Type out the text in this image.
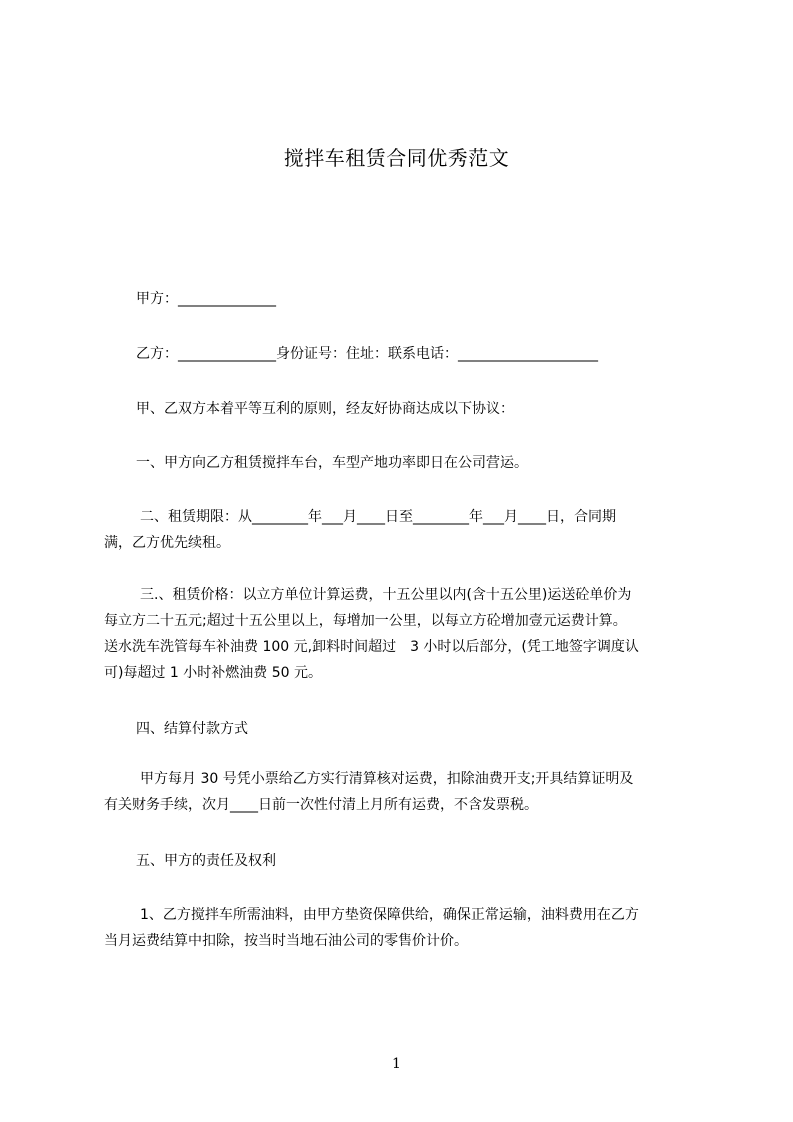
搅拌车租赁合同优秀范文
甲方：______________
乙方：______________身份证号：住址：联系电话：____________________
甲、乙双方本着平等互利的原则，经友好协商达成以下协议：
一、甲方向乙方租赁搅拌车台，车型产地功率即日在公司营运。
二、租赁期限：从________年___月____日至________年___月____日，合同期
满，乙方优先续租。
三.、租赁价格：以立方单位计算运费，十五公里以内(含十五公里)运送砼单价为
每立方二十五元;超过十五公里以上，每增加一公里，以每立方砼增加壹元运费计算。
送水洗车洗管每车补油费 100 元,卸料时间超过　3 小时以后部分，(凭工地签字调度认
可)每超过 1 小时补燃油费 50 元。
四、结算付款方式
甲方每月 30 号凭小票给乙方实行清算核对运费，扣除油费开支;开具结算证明及
有关财务手续，次月____日前一次性付清上月所有运费，不含发票税。
五、甲方的责任及权利
1、乙方搅拌车所需油料，由甲方垫资保障供给，确保正常运输，油料费用在乙方
当月运费结算中扣除，按当时当地石油公司的零售价计价。
1
